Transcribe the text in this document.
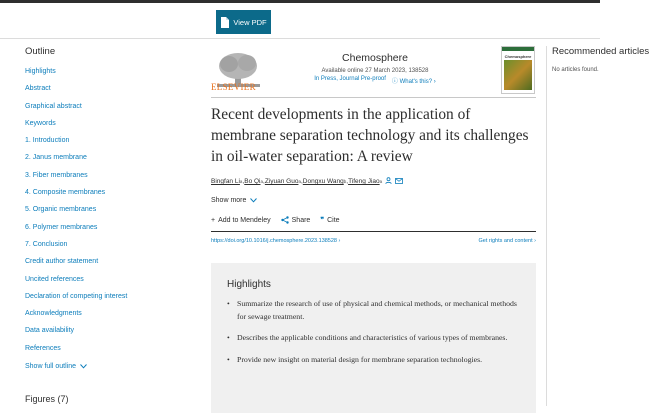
View PDF
Outline
Highlights
Abstract
Graphical abstract
Keywords
1. Introduction
2. Janus membrane
3. Fiber membranes
4. Composite membranes
5. Organic membranes
6. Polymer membranes
7. Conclusion
Credit author statement
Uncited references
Declaration of competing interest
Acknowledgments
Data availability
References
Show full outline
Figures (7)
ELSEVIER
Chemosphere
Available online 27 March 2023, 138528
In Press, Journal Pre-proof ⓘ What's this? ›
Chemosphere
Recent developments in the application of membrane separation technology and its challenges in oil-water separation: A review
Bingfan Li a , Bo Qi a , Ziyuan Guo a , Dongxu Wang b , Tifeng Jiao a
Show more
+ Add to Mendeley	Share ❞ Cite
https://doi.org/10.1016/j.chemosphere.2023.138528 ›	Get rights and content ›
Highlights
• Summarize the research of use of physical and chemical methods, or mechanical methods for sewage treatment.
• Describes the applicable conditions and characteristics of various types of membranes.
• Provide new insight on material design for membrane separation technologies.
Recommended articles

No articles found.
